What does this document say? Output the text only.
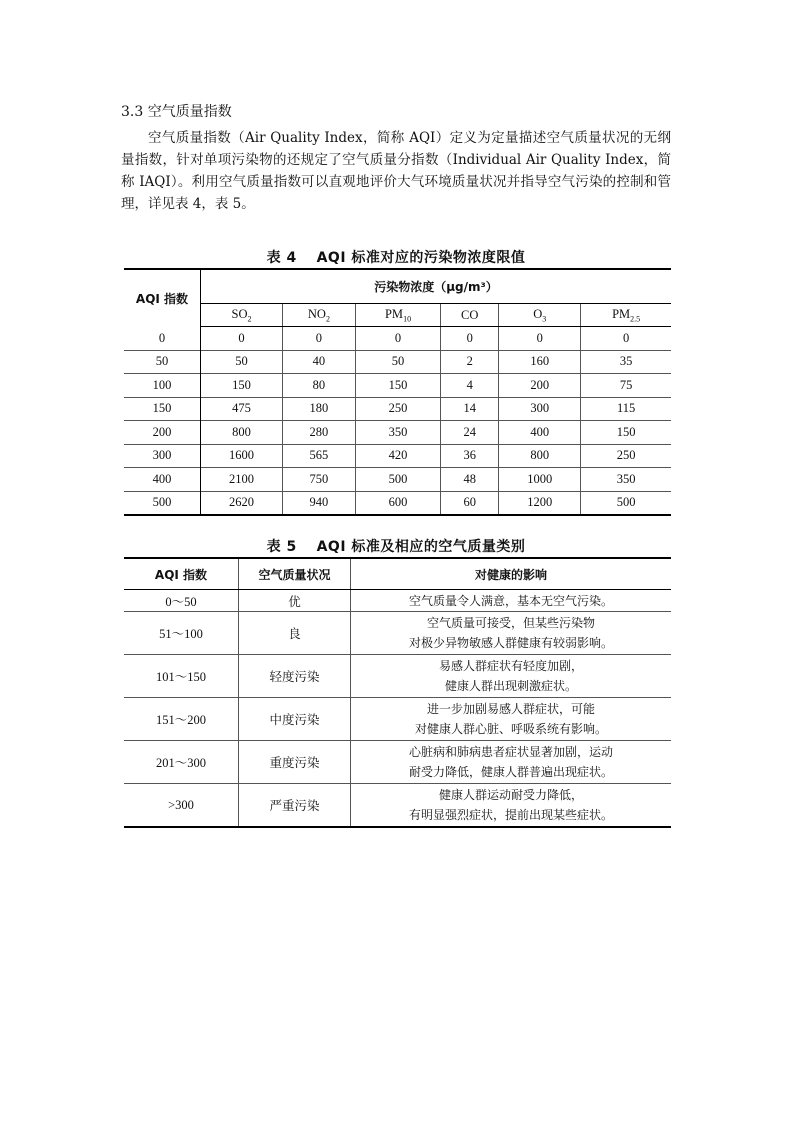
3.3 空气质量指数

空气质量指数（Air Quality Index，简称 AQI）定义为定量描述空气质量状况的无纲量指数，针对单项污染物的还规定了空气质量分指数（Individual Air Quality Index，简称 IAQI）。利用空气质量指数可以直观地评价大气环境质量状况并指导空气污染的控制和管理，详见表 4，表 5。

表 4　 AQI 标准对应的污染物浓度限值
AQI 指数	污染物浓度（μg/m³）					
	$SO_2$	$NO_2$	$PM_{10}$	CO	$O_3$	$PM_{2.5}$
0	0	0	0	0	0	0
50	50	40	50	2	160	35
100	150	80	150	4	200	75
150	475	180	250	14	300	115
200	800	280	350	24	400	150
300	1600	565	420	36	800	250
400	2100	750	500	48	1000	350
500	2620	940	600	60	1200	500
表 5　 AQI 标准及相应的空气质量类别
AQI 指数	空气质量状况	对健康的影响
0～50	优	空气质量令人满意，基本无空气污染。

51～100	良	空气质量可接受，但某些污染物
对极少异物敏感人群健康有较弱影响。

101～150	轻度污染	易感人群症状有轻度加剧，
健康人群出现刺激症状。

151～200	中度污染	进一步加剧易感人群症状，可能
对健康人群心脏、呼吸系统有影响。

201～300	重度污染	心脏病和肺病患者症状显著加剧，运动
耐受力降低，健康人群普遍出现症状。

>300	严重污染	健康人群运动耐受力降低，
有明显强烈症状，提前出现某些症状。
